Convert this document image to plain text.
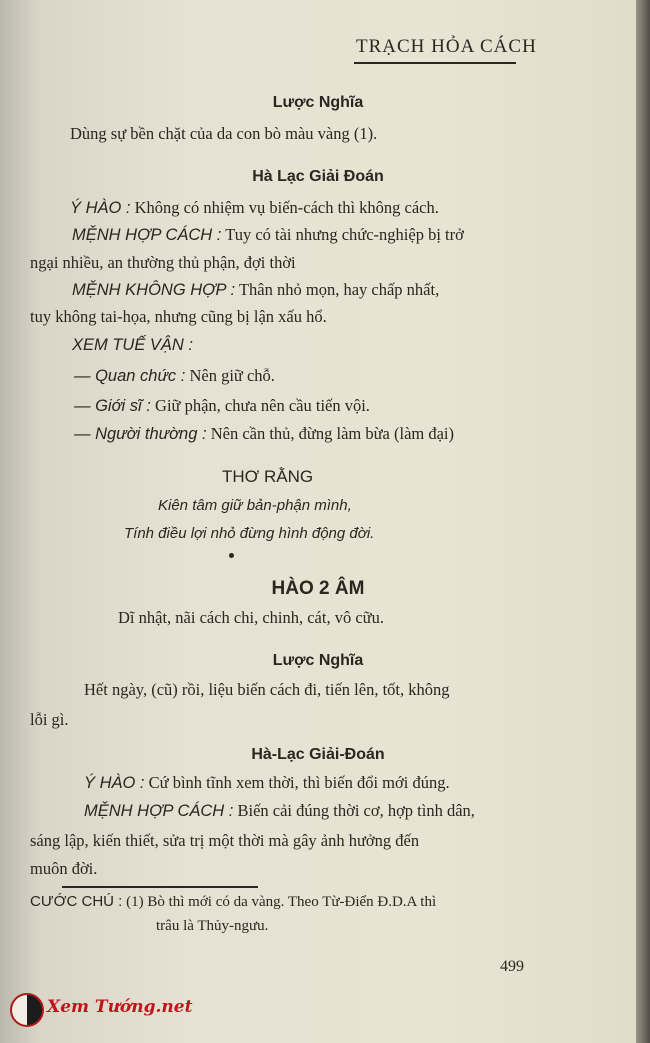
TRẠCH HỎA CÁCH
Lược Nghĩa
Dùng sự bền chặt của da con bò màu vàng (1).
Hà Lạc Giải Đoán
Ý HÀO : Không có nhiệm vụ biến-cách thì không cách.
MỆNH HỢP CÁCH : Tuy có tài nhưng chức-nghiệp bị trở
ngại nhiều, an thường thủ phận, đợi thời
MỆNH KHÔNG HỢP : Thân nhỏ mọn, hay chấp nhất,
tuy không tai-họa, nhưng cũng bị lận xấu hổ.
XEM TUẾ VẬN :
— Quan chức : Nên giữ chỗ.
— Giới sĩ : Giữ phận, chưa nên cầu tiến vội.
— Người thường : Nên cần thủ, đừng làm bừa (làm đại)
THƠ RẰNG
Kiên tâm giữ bản-phận mình,
Tính điều lợi nhỏ đừng hình động đời.
HÀO 2 ÂM
Dĩ nhật, nãi cách chi, chinh, cát, vô cữu.
Lược Nghĩa
Hết ngày, (cũ) rồi, liệu biến cách đi, tiến lên, tốt, không
lỗi gì.
Hà-Lạc Giải-Đoán
Ý HÀO : Cứ bình tĩnh xem thời, thì biến đổi mới đúng.
MỆNH HỢP CÁCH : Biến cải đúng thời cơ, hợp tình dân,
sáng lập, kiến thiết, sửa trị một thời mà gây ảnh hưởng đến
muôn đời.
CƯỚC CHÚ : (1) Bò thì mới có da vàng. Theo Từ-Điển Đ.D.A thì
trâu là Thủy-ngưu.
499
Xem Tướng.net
